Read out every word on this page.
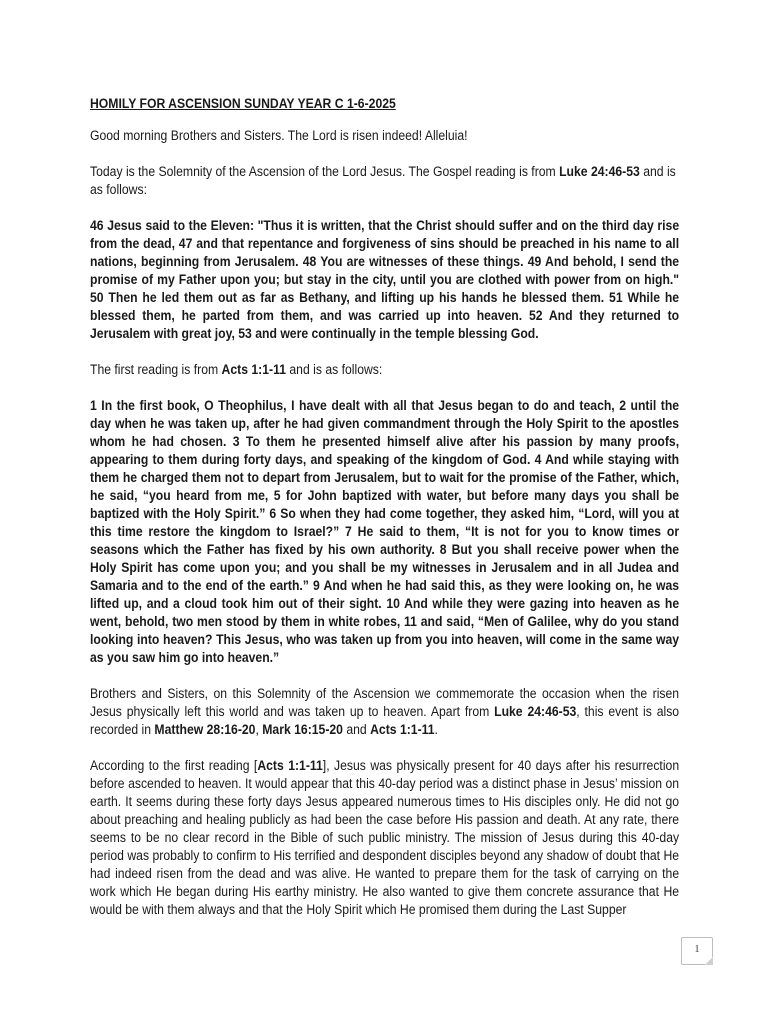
HOMILY FOR ASCENSION SUNDAY YEAR C 1-6-2025

Good morning Brothers and Sisters. The Lord is risen indeed! Alleluia!

Today is the Solemnity of the Ascension of the Lord Jesus. The Gospel reading is from Luke 24:46-53 and is as follows:

46 Jesus said to the Eleven: "Thus it is written, that the Christ should suffer and on the third day rise from the dead, 47 and that repentance and forgiveness of sins should be preached in his name to all nations, beginning from Jerusalem. 48 You are witnesses of these things. 49 And behold, I send the promise of my Father upon you; but stay in the city, until you are clothed with power from on high." 50 Then he led them out as far as Bethany, and lifting up his hands he blessed them. 51 While he blessed them, he parted from them, and was carried up into heaven. 52 And they returned to Jerusalem with great joy, 53 and were continually in the temple blessing God.

The first reading is from Acts 1:1-11 and is as follows:

1 In the first book, O Theophilus, I have dealt with all that Jesus began to do and teach, 2 until the day when he was taken up, after he had given commandment through the Holy Spirit to the apostles whom he had chosen. 3 To them he presented himself alive after his passion by many proofs, appearing to them during forty days, and speaking of the kingdom of God. 4 And while staying with them he charged them not to depart from Jerusalem, but to wait for the promise of the Father, which, he said, “you heard from me, 5 for John baptized with water, but before many days you shall be baptized with the Holy Spirit.” 6 So when they had come together, they asked him, “Lord, will you at this time restore the kingdom to Israel?” 7 He said to them, “It is not for you to know times or seasons which the Father has fixed by his own authority. 8 But you shall receive power when the Holy Spirit has come upon you; and you shall be my witnesses in Jerusalem and in all Judea and Samaria and to the end of the earth.” 9 And when he had said this, as they were looking on, he was lifted up, and a cloud took him out of their sight. 10 And while they were gazing into heaven as he went, behold, two men stood by them in white robes, 11 and said, “Men of Galilee, why do you stand looking into heaven? This Jesus, who was taken up from you into heaven, will come in the same way as you saw him go into heaven.”

Brothers and Sisters, on this Solemnity of the Ascension we commemorate the occasion when the risen Jesus physically left this world and was taken up to heaven. Apart from Luke 24:46-53, this event is also recorded in Matthew 28:16-20, Mark 16:15-20 and Acts 1:1-11.

According to the first reading [Acts 1:1-11], Jesus was physically present for 40 days after his resurrection before ascended to heaven. It would appear that this 40-day period was a distinct phase in Jesus’ mission on earth. It seems during these forty days Jesus appeared numerous times to His disciples only. He did not go about preaching and healing publicly as had been the case before His passion and death. At any rate, there seems to be no clear record in the Bible of such public ministry. The mission of Jesus during this 40-day period was probably to confirm to His terrified and despondent disciples beyond any shadow of doubt that He had indeed risen from the dead and was alive. He wanted to prepare them for the task of carrying on the work which He began during His earthy ministry. He also wanted to give them concrete assurance that He would be with them always and that the Holy Spirit which He promised them during the Last Supper

1
